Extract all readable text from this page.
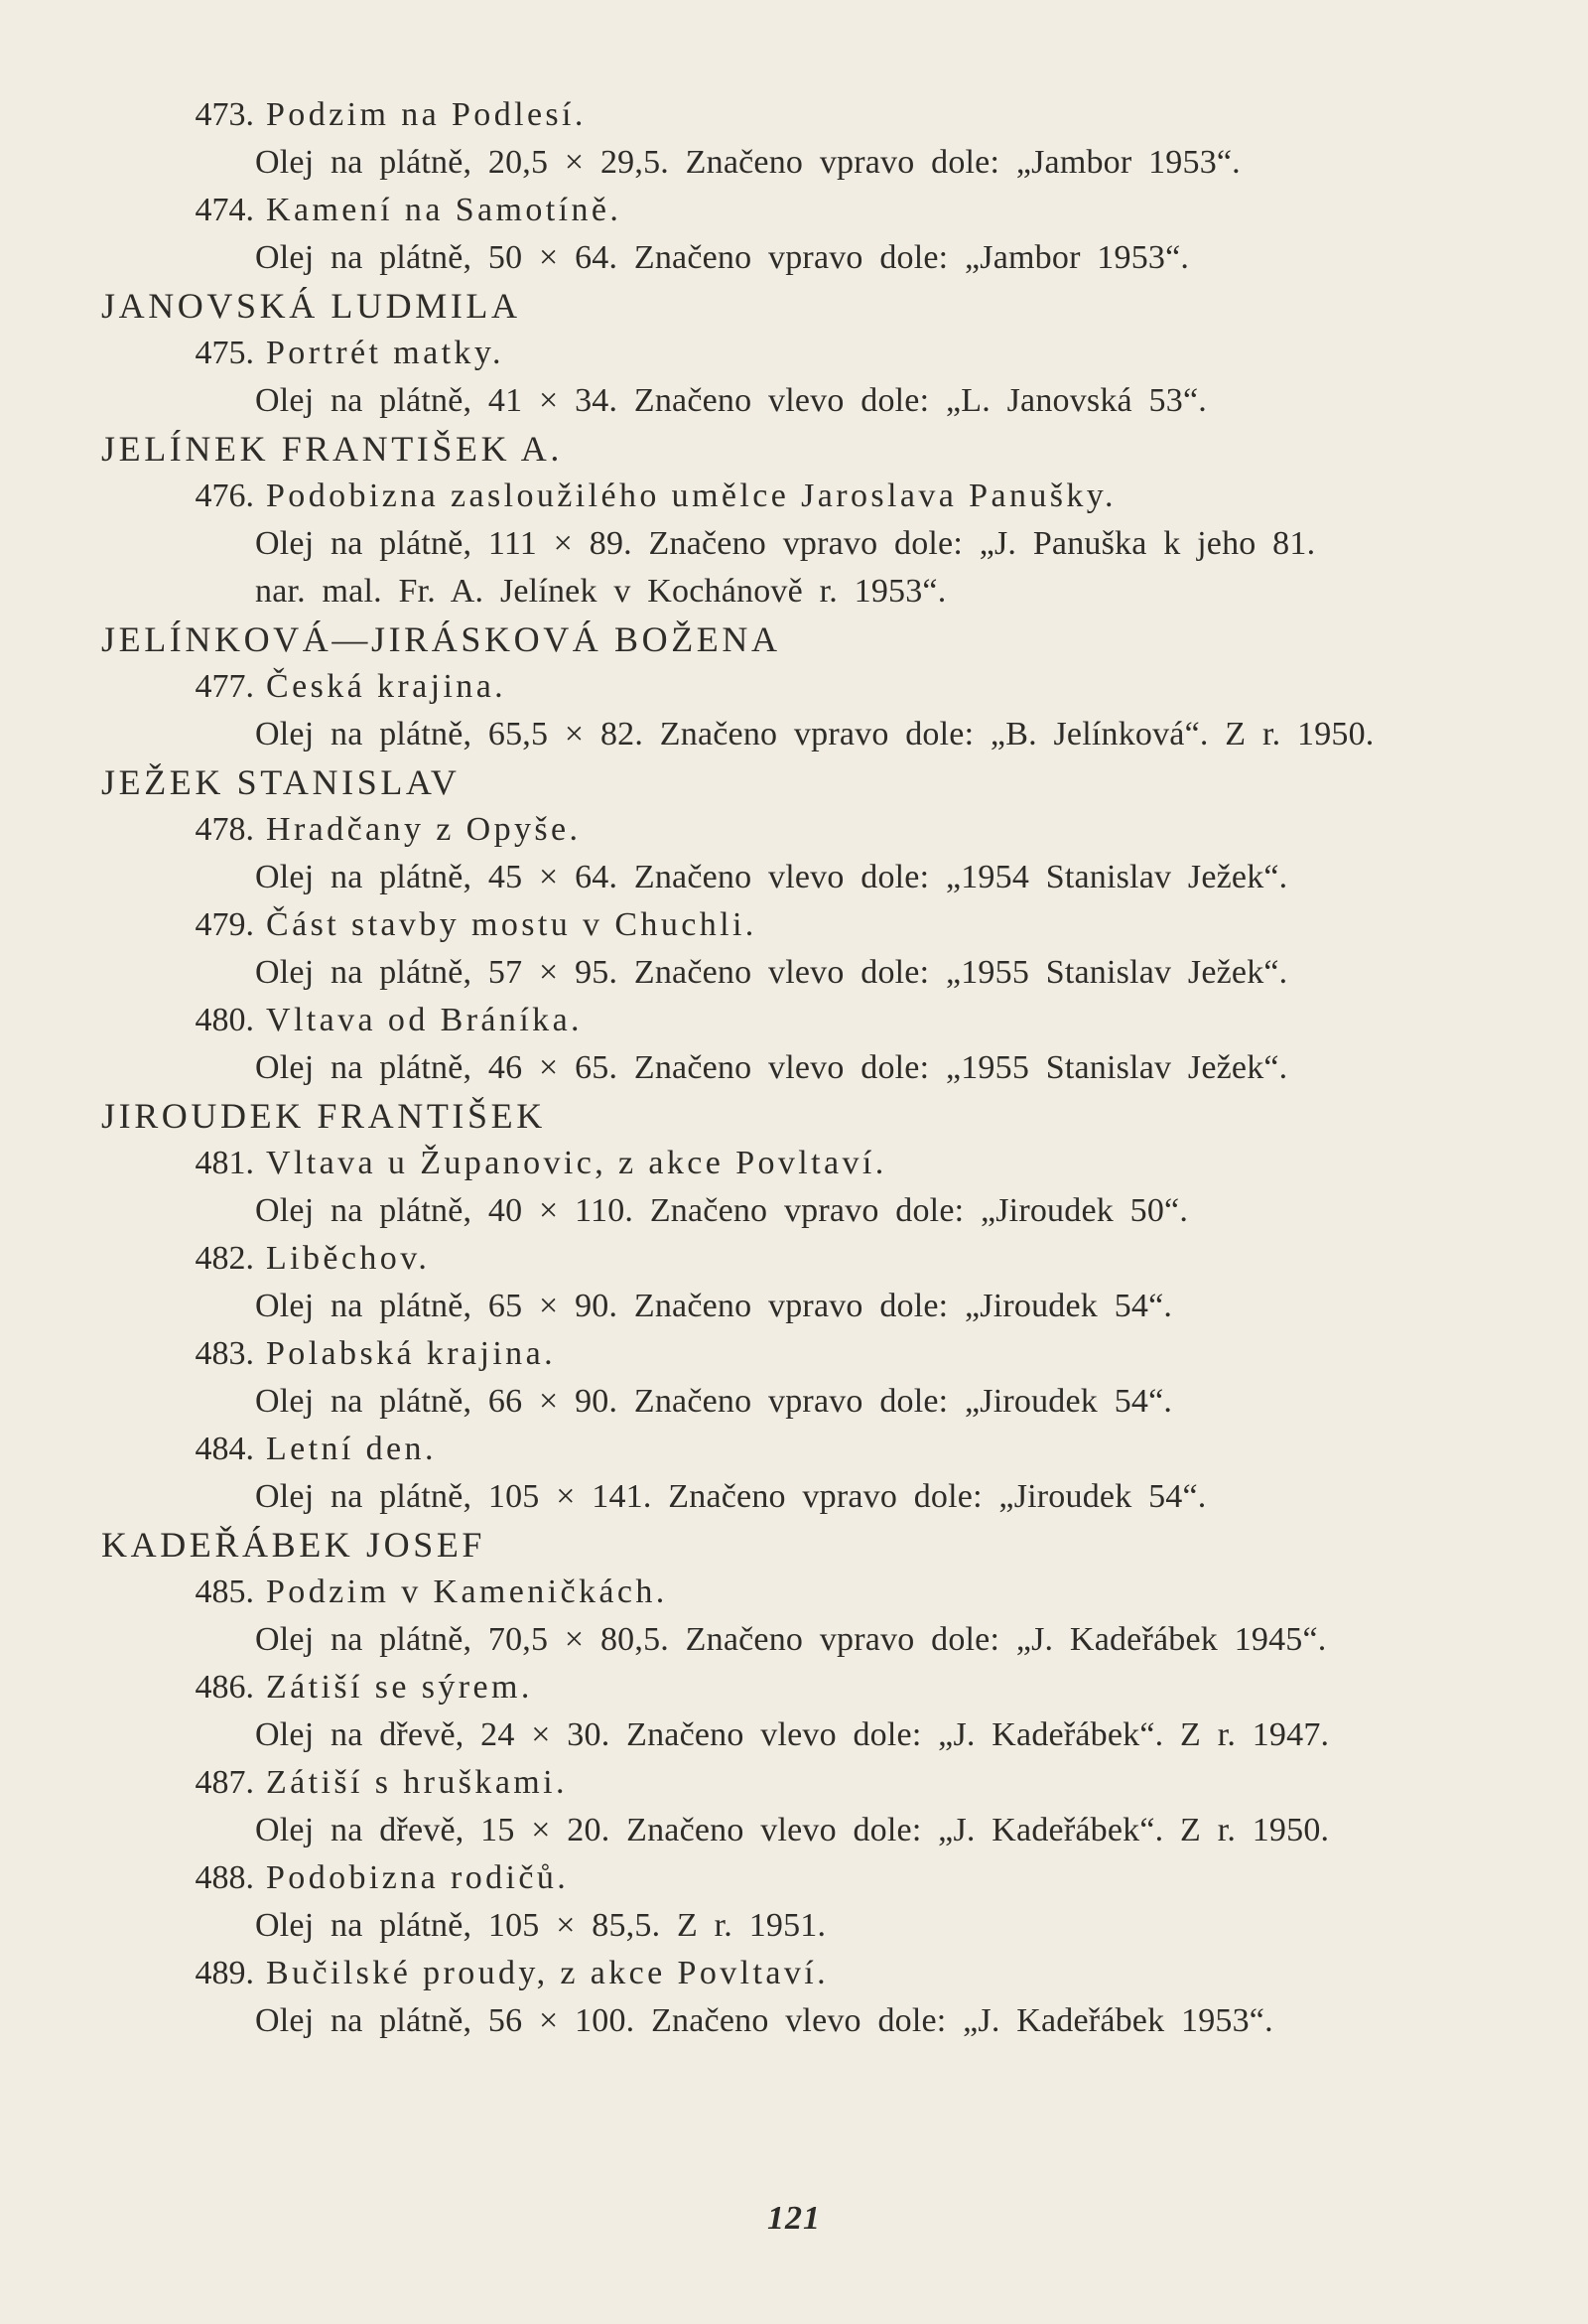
473. Podzim na Podlesí.
Olej na plátně, 20,5 × 29,5. Značeno vpravo dole: „Jambor 1953“.
474. Kamení na Samotíně.
Olej na plátně, 50 × 64. Značeno vpravo dole: „Jambor 1953“.
JANOVSKÁ LUDMILA
475. Portrét matky.
Olej na plátně, 41 × 34. Značeno vlevo dole: „L. Janovská 53“.
JELÍNEK FRANTIŠEK A.
476. Podobizna zasloužilého umělce Jaroslava Panušky.
Olej na plátně, 111 × 89. Značeno vpravo dole: „J. Panuška k jeho 81.
nar. mal. Fr. A. Jelínek v Kochánově r. 1953“.
JELÍNKOVÁ—JIRÁSKOVÁ BOŽENA
477. Česká krajina.
Olej na plátně, 65,5 × 82. Značeno vpravo dole: „B. Jelínková“. Z r. 1950.
JEŽEK STANISLAV
478. Hradčany z Opyše.
Olej na plátně, 45 × 64. Značeno vlevo dole: „1954 Stanislav Ježek“.
479. Část stavby mostu v Chuchli.
Olej na plátně, 57 × 95. Značeno vlevo dole: „1955 Stanislav Ježek“.
480. Vltava od Bráníka.
Olej na plátně, 46 × 65. Značeno vlevo dole: „1955 Stanislav Ježek“.
JIROUDEK FRANTIŠEK
481. Vltava u Županovic, z akce Povltaví.
Olej na plátně, 40 × 110. Značeno vpravo dole: „Jiroudek 50“.
482. Liběchov.
Olej na plátně, 65 × 90. Značeno vpravo dole: „Jiroudek 54“.
483. Polabská krajina.
Olej na plátně, 66 × 90. Značeno vpravo dole: „Jiroudek 54“.
484. Letní den.
Olej na plátně, 105 × 141. Značeno vpravo dole: „Jiroudek 54“.
KADEŘÁBEK JOSEF
485. Podzim v Kameničkách.
Olej na plátně, 70,5 × 80,5. Značeno vpravo dole: „J. Kadeřábek 1945“.
486. Zátiší se sýrem.
Olej na dřevě, 24 × 30. Značeno vlevo dole: „J. Kadeřábek“. Z r. 1947.
487. Zátiší s hruškami.
Olej na dřevě, 15 × 20. Značeno vlevo dole: „J. Kadeřábek“. Z r. 1950.
488. Podobizna rodičů.
Olej na plátně, 105 × 85,5. Z r. 1951.
489. Bučilské proudy, z akce Povltaví.
Olej na plátně, 56 × 100. Značeno vlevo dole: „J. Kadeřábek 1953“.
121
